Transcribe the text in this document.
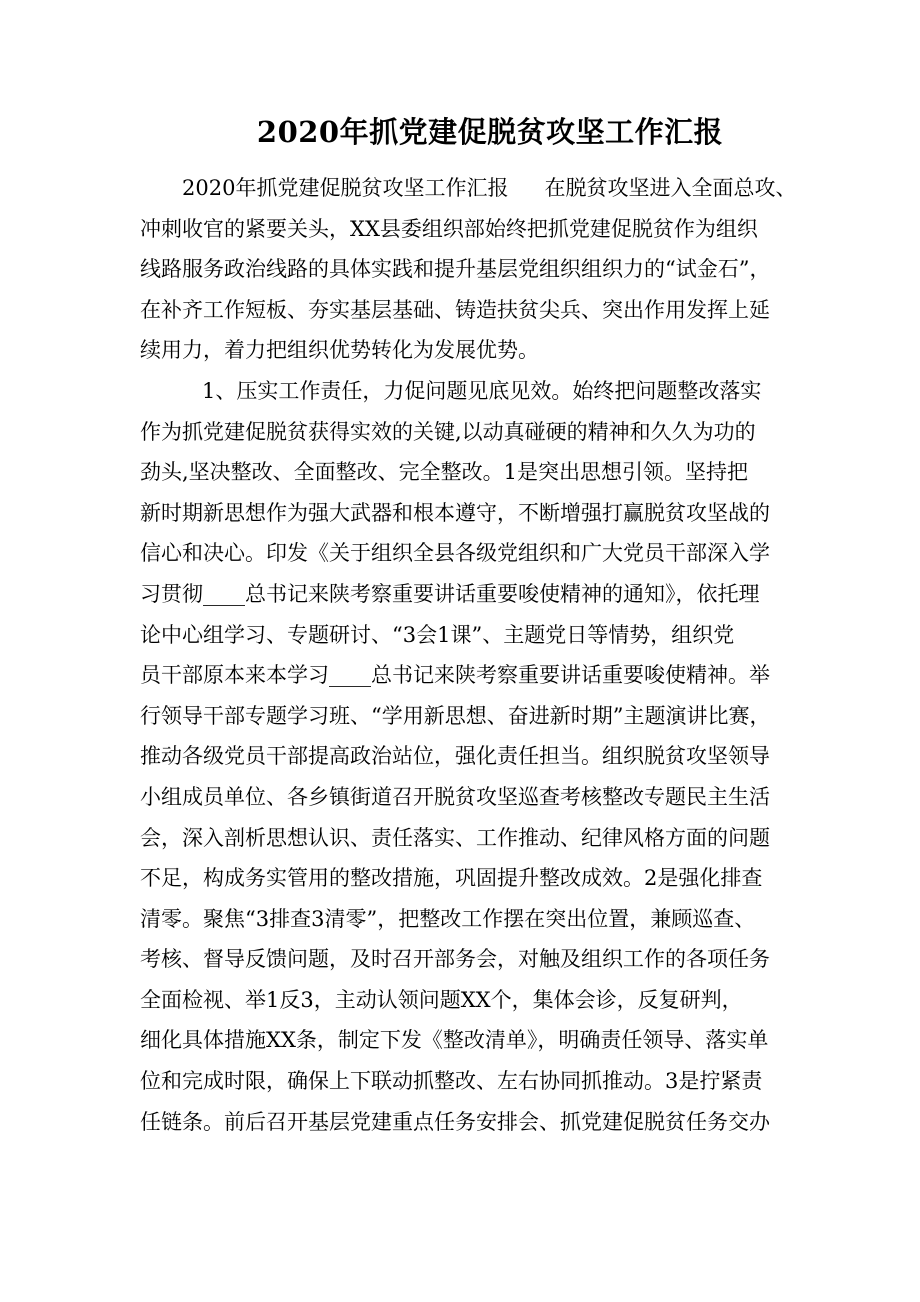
2020年抓党建促脱贫攻坚工作汇报
2020年抓党建促脱贫攻坚工作汇报 在脱贫攻坚进入全面总攻、
冲刺收官的紧要关头，XX县委组织部始终把抓党建促脱贫作为组织
线路服务政治线路的具体实践和提升基层党组织组织力的“试金石”，
在补齐工作短板、夯实基层基础、铸造扶贫尖兵、突出作用发挥上延
续用力，着力把组织优势转化为发展优势。
1、压实工作责任，力促问题见底见效。始终把问题整改落实
作为抓党建促脱贫获得实效的关键,以动真碰硬的精神和久久为功的
劲头,坚决整改、全面整改、完全整改。1是突出思想引领。坚持把
新时期新思想作为强大武器和根本遵守，不断增强打赢脱贫攻坚战的
信心和决心。印发《关于组织全县各级党组织和广大党员干部深入学
习贯彻____总书记来陕考察重要讲话重要唆使精神的通知》，依托理
论中心组学习、专题研讨、“3会1课”、主题党日等情势，组织党
员干部原本来本学习____总书记来陕考察重要讲话重要唆使精神。举
行领导干部专题学习班、“学用新思想、奋进新时期”主题演讲比赛，
推动各级党员干部提高政治站位，强化责任担当。组织脱贫攻坚领导
小组成员单位、各乡镇街道召开脱贫攻坚巡查考核整改专题民主生活
会，深入剖析思想认识、责任落实、工作推动、纪律风格方面的问题
不足，构成务实管用的整改措施，巩固提升整改成效。2是强化排查
清零。聚焦“3排查3清零”，把整改工作摆在突出位置，兼顾巡查、
考核、督导反馈问题，及时召开部务会，对触及组织工作的各项任务
全面检视、举1反3，主动认领问题XX个，集体会诊，反复研判，
细化具体措施XX条，制定下发《整改清单》，明确责任领导、落实单
位和完成时限，确保上下联动抓整改、左右协同抓推动。3是拧紧责
任链条。前后召开基层党建重点任务安排会、抓党建促脱贫任务交办
